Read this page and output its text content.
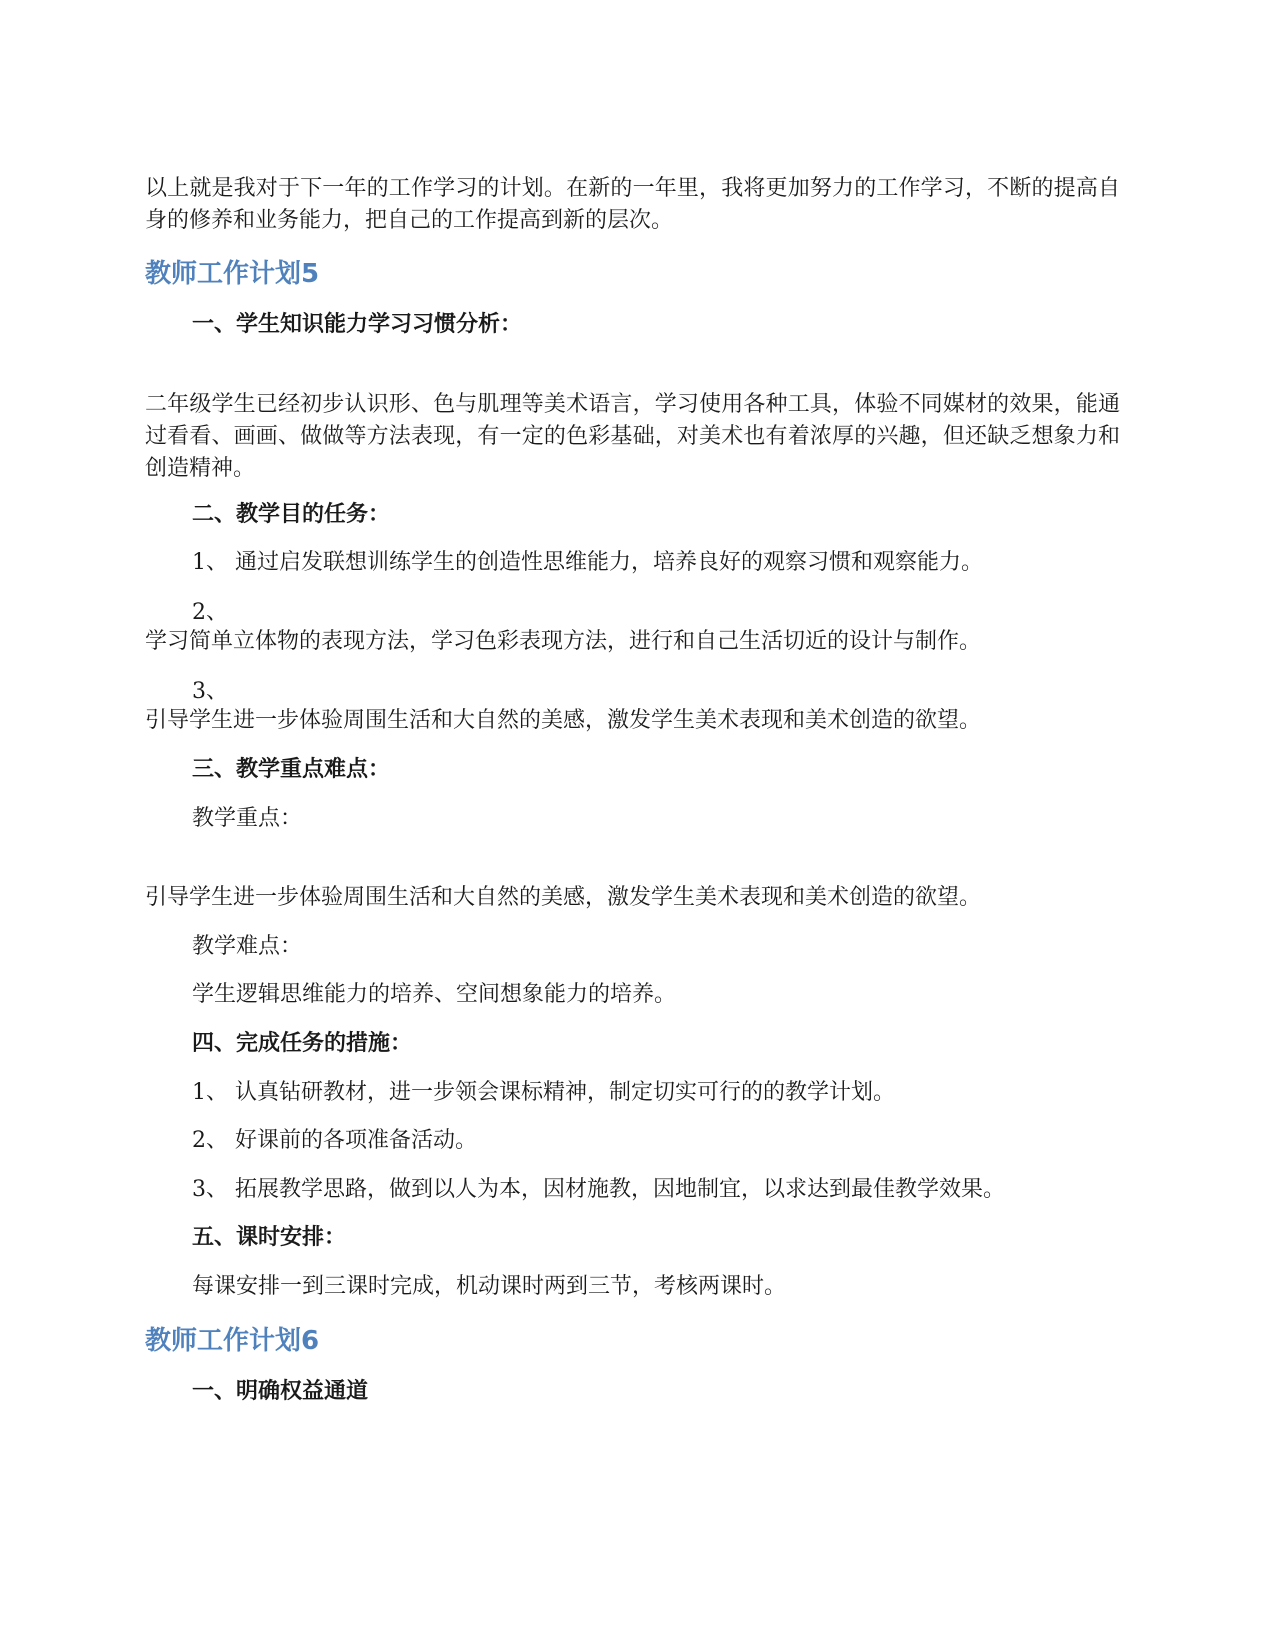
以上就是我对于下一年的工作学习的计划。在新的一年里，我将更加努力的工作学习，不断的提高自身的修养和业务能力，把自己的工作提高到新的层次。

教师工作计划5

一、学生知识能力学习习惯分析：

二年级学生已经初步认识形、色与肌理等美术语言，学习使用各种工具，体验不同媒材的效果，能通过看看、画画、做做等方法表现，有一定的色彩基础，对美术也有着浓厚的兴趣，但还缺乏想象力和创造精神。

二、教学目的任务：

1、 通过启发联想训练学生的创造性思维能力，培养良好的观察习惯和观察能力。

2、

学习简单立体物的表现方法，学习色彩表现方法，进行和自己生活切近的设计与制作。

3、

引导学生进一步体验周围生活和大自然的美感，激发学生美术表现和美术创造的欲望。

三、教学重点难点：

教学重点：

引导学生进一步体验周围生活和大自然的美感，激发学生美术表现和美术创造的欲望。

教学难点：

学生逻辑思维能力的培养、空间想象能力的培养。

四、完成任务的措施：

1、 认真钻研教材，进一步领会课标精神，制定切实可行的的教学计划。

2、 好课前的各项准备活动。

3、 拓展教学思路，做到以人为本，因材施教，因地制宜，以求达到最佳教学效果。

五、课时安排：

每课安排一到三课时完成，机动课时两到三节，考核两课时。

教师工作计划6

一、明确权益通道
